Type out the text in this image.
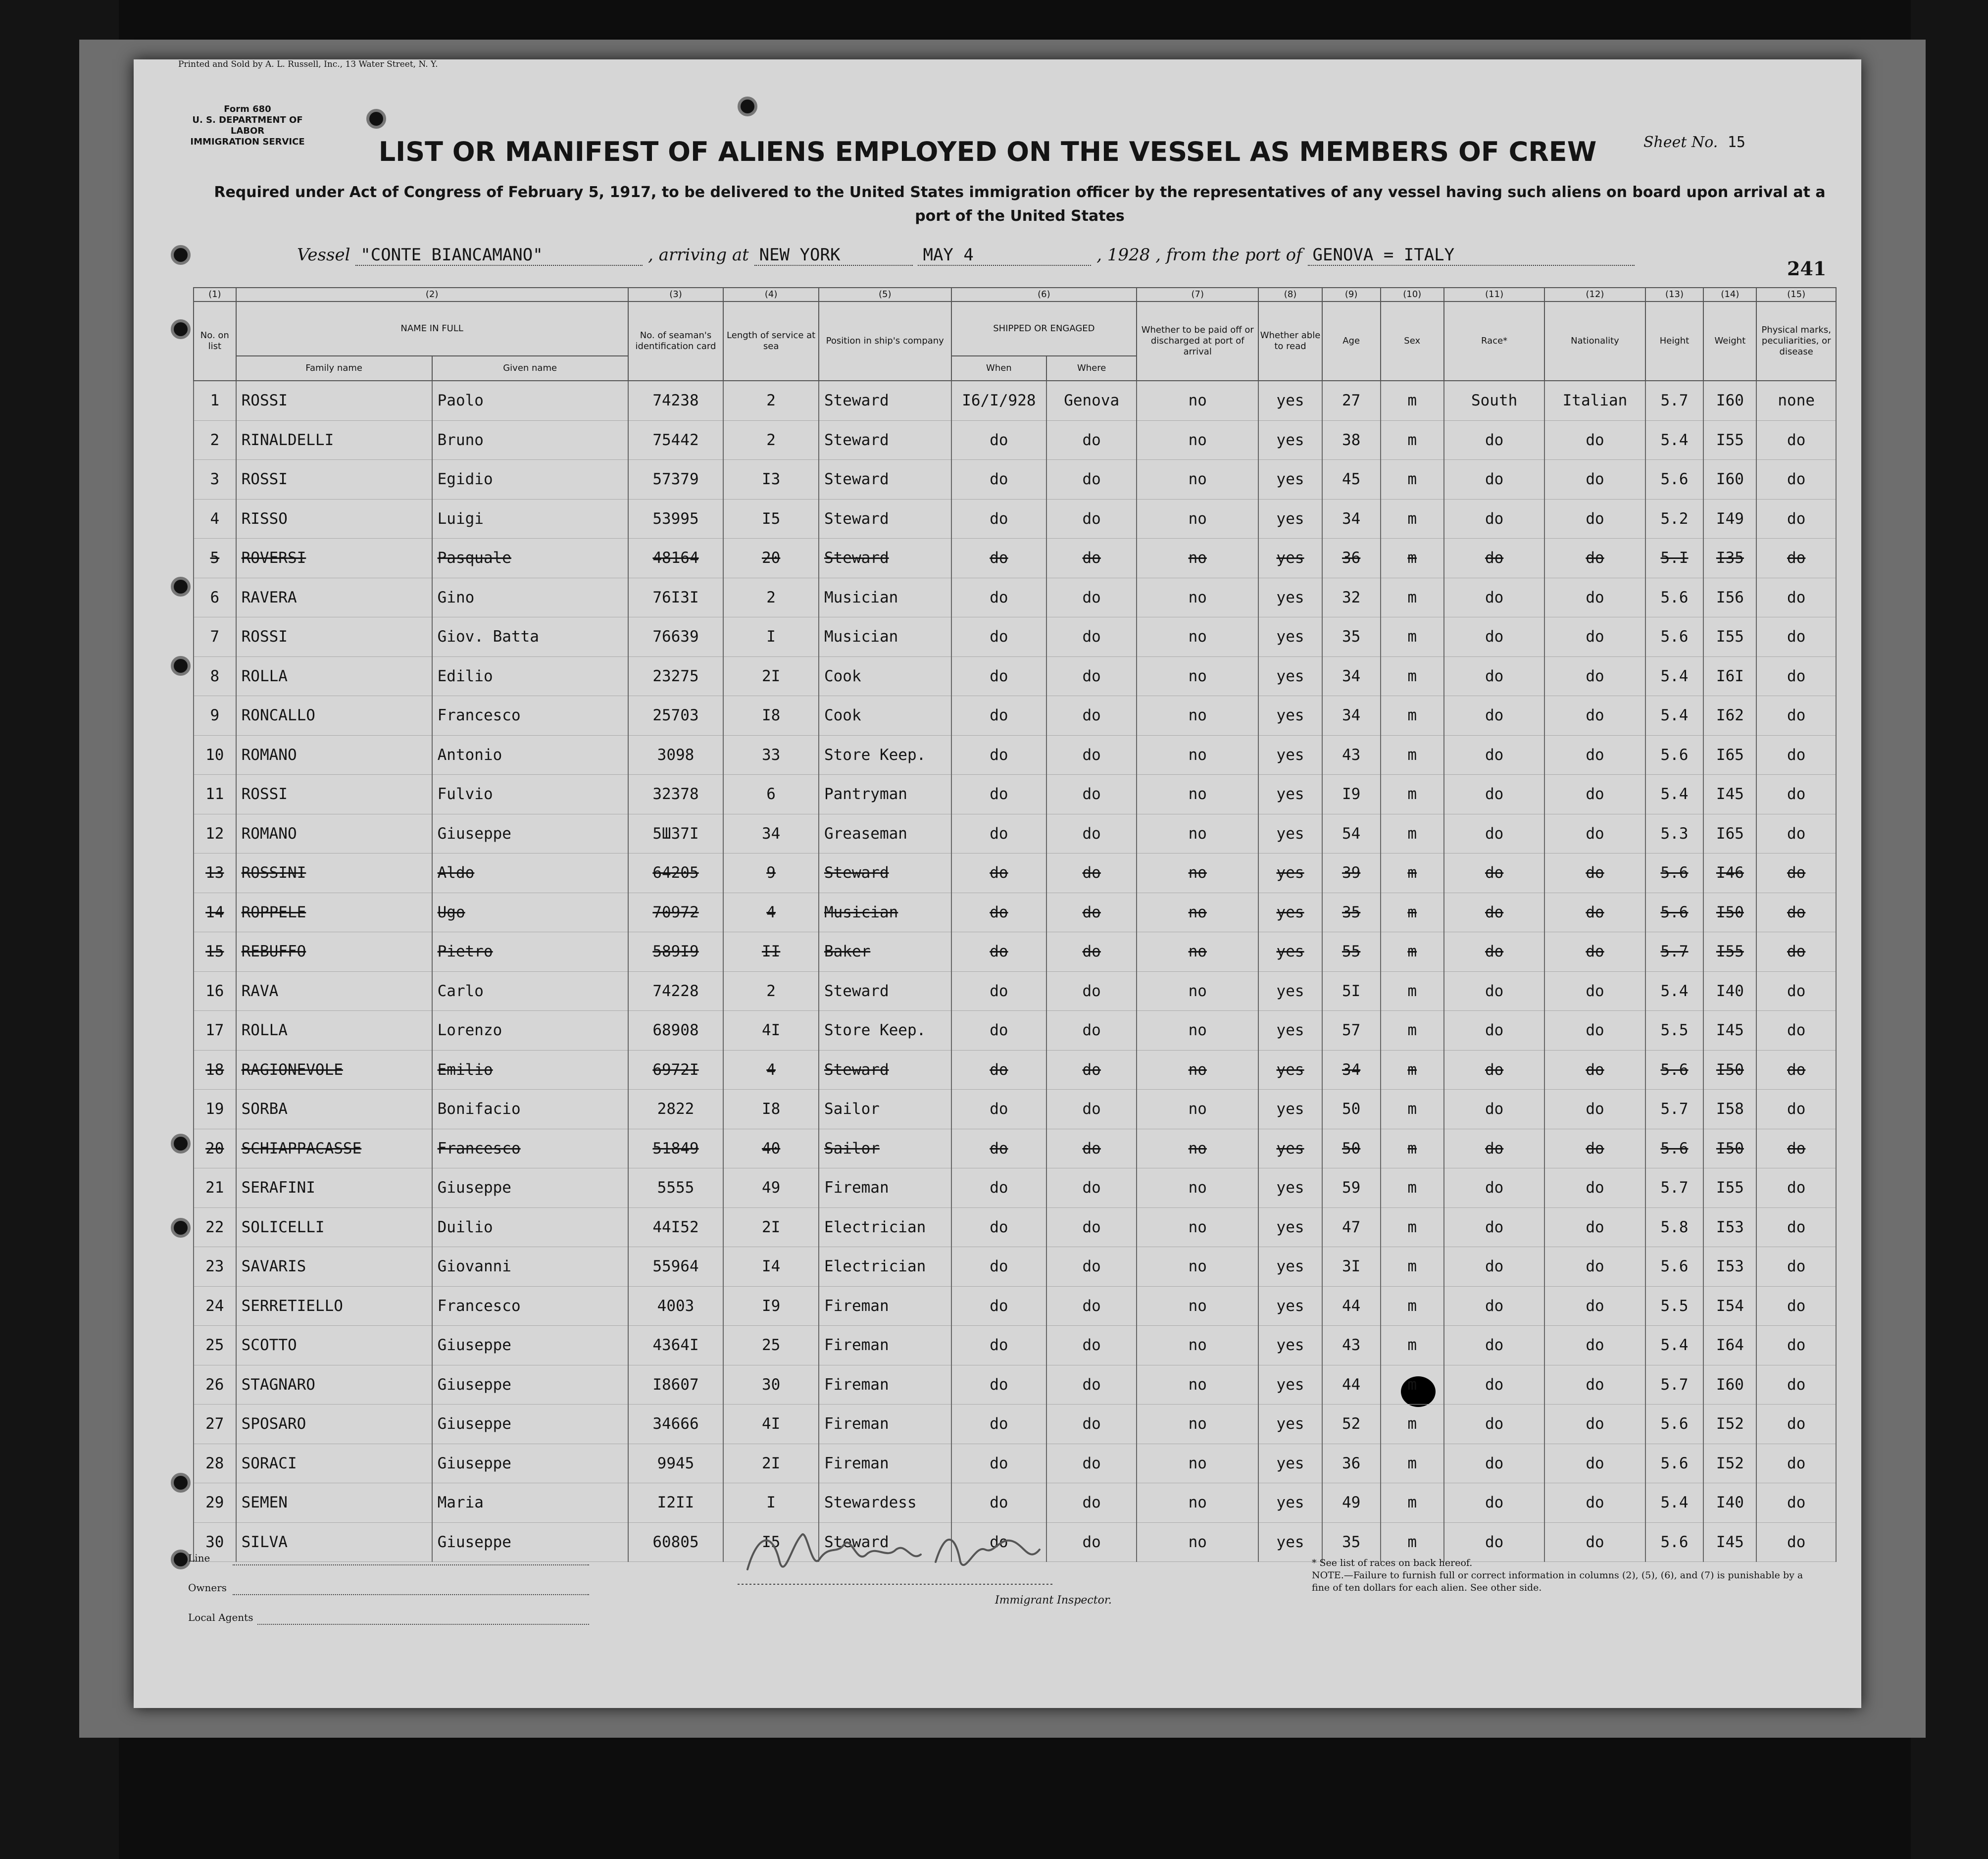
Printed and Sold by A. L. Russell, Inc., 13 Water Street, N. Y.
Form 680
U. S. DEPARTMENT OF LABOR
IMMIGRATION SERVICE	Sheet No. 15
LIST OR MANIFEST OF ALIENS EMPLOYED ON THE VESSEL AS MEMBERS OF CREW
Required under Act of Congress of February 5, 1917, to be delivered to the United States immigration officer by the representatives of any vessel having such aliens on board upon arrival at a port of the United States
Vessel "CONTE BIANCAMANO"	, arriving at NEW YORK	MAY 4	, 1928 , from the port of GENOVA = ITALY
241
(1)	(2)		(3)	(4)	(5)	(6)		(7)	(8)	(9)	(10)	(11)	(12)	(13)	(14)	(15)
No. on list	NAME IN FULL		No. of seaman's identification card	Length of service at sea	Position in ship's company	SHIPPED OR ENGAGED		Whether to be paid off or discharged at port of arrival	Whether able to read	Age	Sex	Race*	Nationality	Height	Weight	Physical marks, peculiarities, or disease
	Family name	Given name				When	Where									
1	ROSSI	Paolo	74238	2	Steward	I6/I/928	Genova	no	yes	27	m	South	Italian	5.7	I60	none
2	RINALDELLI	Bruno	75442	2	Steward	do	do	no	yes	38	m	do	do	5.4	I55	do
3	ROSSI	Egidio	57379	I3	Steward	do	do	no	yes	45	m	do	do	5.6	I60	do
4	RISSO	Luigi	53995	I5	Steward	do	do	no	yes	34	m	do	do	5.2	I49	do
5	ROVERSI	Pasquale	48164	20	Steward	do	do	no	yes	36	m	do	do	5.I	I35	do
6	RAVERA	Gino	76I3I	2	Musician	do	do	no	yes	32	m	do	do	5.6	I56	do
7	ROSSI	Giov. Batta	76639	I	Musician	do	do	no	yes	35	m	do	do	5.6	I55	do
8	ROLLA	Edilio	23275	2I	Cook	do	do	no	yes	34	m	do	do	5.4	I6I	do
9	RONCALLO	Francesco	25703	I8	Cook	do	do	no	yes	34	m	do	do	5.4	I62	do
10	ROMANO	Antonio	3098	33	Store Keep.	do	do	no	yes	43	m	do	do	5.6	I65	do
11	ROSSI	Fulvio	32378	6	Pantryman	do	do	no	yes	I9	m	do	do	5.4	I45	do
12	ROMANO	Giuseppe	5Ш37I	34	Greaseman	do	do	no	yes	54	m	do	do	5.3	I65	do
13	ROSSINI	Aldo	64205	9	Steward	do	do	no	yes	39	m	do	do	5.6	I46	do
14	ROPPELE	Ugo	70972	4	Musician	do	do	no	yes	35	m	do	do	5.6	I50	do
15	REBUFFO	Pietro	589I9	II	Baker	do	do	no	yes	55	m	do	do	5.7	I55	do
16	RAVA	Carlo	74228	2	Steward	do	do	no	yes	5I	m	do	do	5.4	I40	do
17	ROLLA	Lorenzo	68908	4I	Store Keep.	do	do	no	yes	57	m	do	do	5.5	I45	do
18	RAGIONEVOLE	Emilio	6972I	4	Steward	do	do	no	yes	34	m	do	do	5.6	I50	do
19	SORBA	Bonifacio	2822	I8	Sailor	do	do	no	yes	50	m	do	do	5.7	I58	do
20	SCHIAPPACASSE	Francesco	51849	40	Sailor	do	do	no	yes	50	m	do	do	5.6	I50	do
21	SERAFINI	Giuseppe	5555	49	Fireman	do	do	no	yes	59	m	do	do	5.7	I55	do
22	SOLICELLI	Duilio	44I52	2I	Electrician	do	do	no	yes	47	m	do	do	5.8	I53	do
23	SAVARIS	Giovanni	55964	I4	Electrician	do	do	no	yes	3I	m	do	do	5.6	I53	do
24	SERRETIELLO	Francesco	4003	I9	Fireman	do	do	no	yes	44	m	do	do	5.5	I54	do
25	SCOTTO	Giuseppe	4364I	25	Fireman	do	do	no	yes	43	m	do	do	5.4	I64	do
26	STAGNARO	Giuseppe	I8607	30	Fireman	do	do	no	yes	44	m	do	do	5.7	I60	do
27	SPOSARO	Giuseppe	34666	4I	Fireman	do	do	no	yes	52	m	do	do	5.6	I52	do
28	SORACI	Giuseppe	9945	2I	Fireman	do	do	no	yes	36	m	do	do	5.6	I52	do
29	SEMEN	Maria	I2II	I	Stewardess	do	do	no	yes	49	m	do	do	5.4	I40	do
30	SILVA	Giuseppe	60805	I5	Steward	do	do	no	yes	35	m	do	do	5.6	I45	do
Line
Owners
Local Agents
Immigrant Inspector.
* See list of races on back hereof.
NOTE.—Failure to furnish full or correct information in columns (2), (5), (6), and (7) is punishable by a fine of ten dollars for each alien. See other side.
